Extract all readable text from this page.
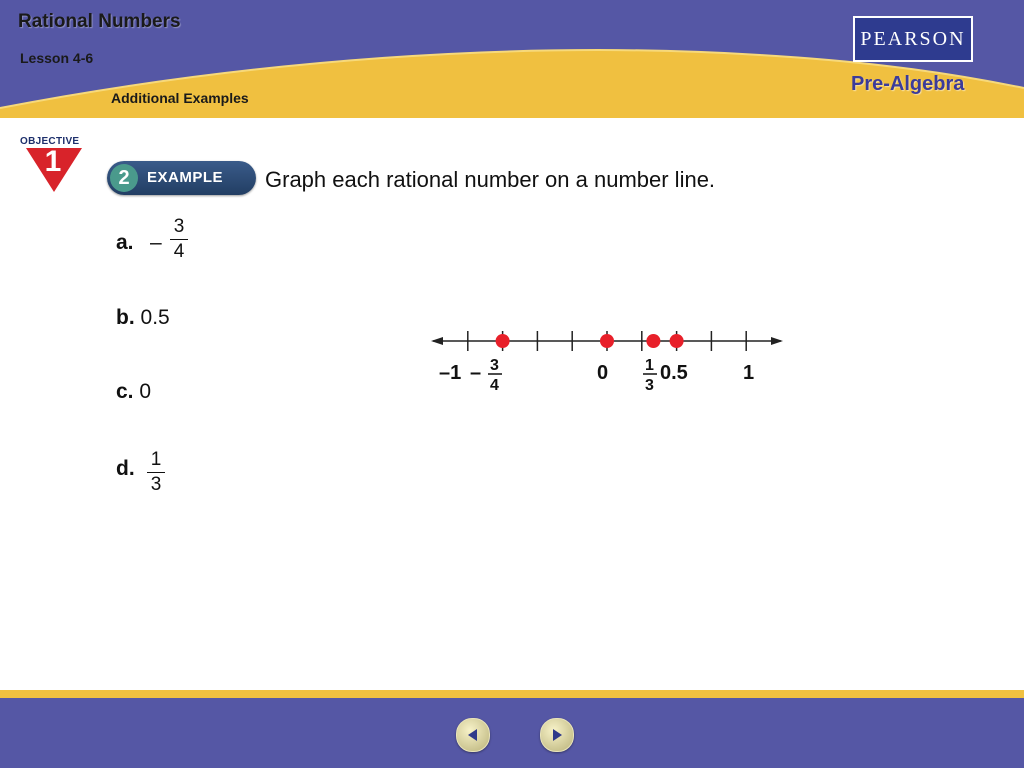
Rational Numbers
Lesson 4-6
Additional Examples
PEARSON
Pre-Algebra
OBJECTIVE
1	2	EXAMPLE Graph each rational number on a number line.
a. – $\frac{3}{4}$
b. 0.5
c. 0
d. $\frac{1}{3}$
–1 – 3
4
0 1
3
0.5	1
